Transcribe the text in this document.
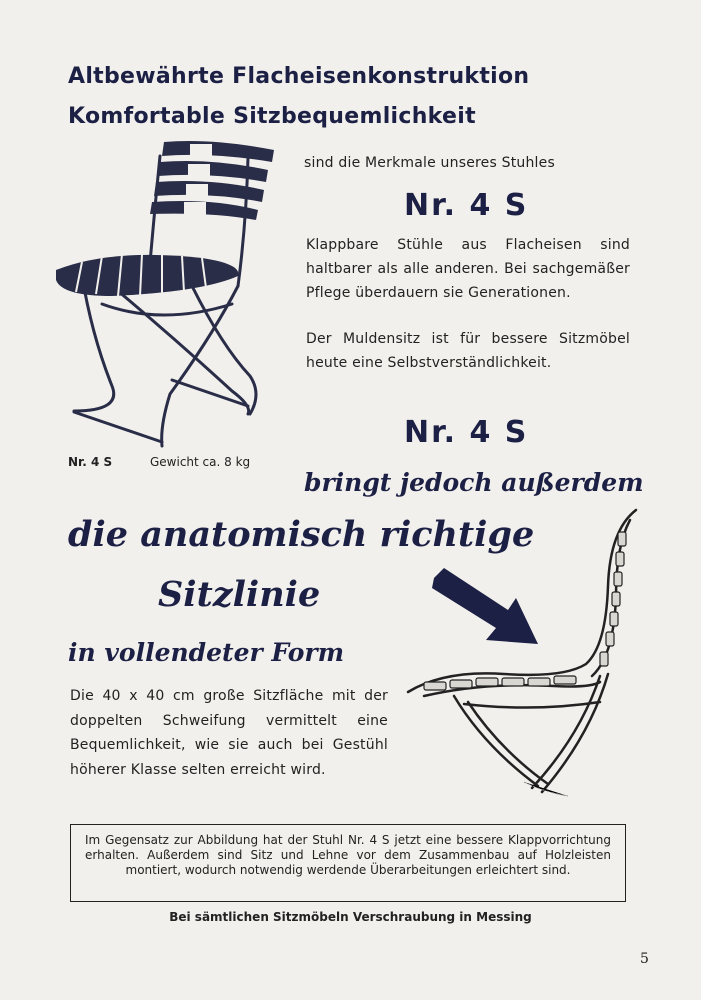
Altbewährte Flacheisenkonstruktion
Komfortable Sitzbequemlichkeit
sind die Merkmale unseres Stuhles
Nr. 4 S
Klappbare Stühle aus Flacheisen sind haltbarer als alle anderen. Bei sachgemäßer Pflege überdauern sie Generationen.
Der Muldensitz ist für bessere Sitzmöbel heute eine Selbstverständlichkeit.
Nr. 4 S	Gewicht ca. 8 kg
Nr. 4 S
bringt jedoch außerdem
die anatomisch richtige
Sitzlinie
in vollendeter Form
Die 40 x 40 cm große Sitzfläche mit der doppelten Schweifung vermittelt eine Bequemlichkeit, wie sie auch bei Gestühl höherer Klasse selten erreicht wird.
Im Gegensatz zur Abbildung hat der Stuhl Nr. 4 S jetzt eine bessere Klappvorrichtung erhalten. Außerdem sind Sitz und Lehne vor dem Zusammenbau auf Holzleisten montiert, wodurch notwendig werdende Überarbeitungen erleichtert sind.
Bei sämtlichen Sitzmöbeln Verschraubung in Messing
5
